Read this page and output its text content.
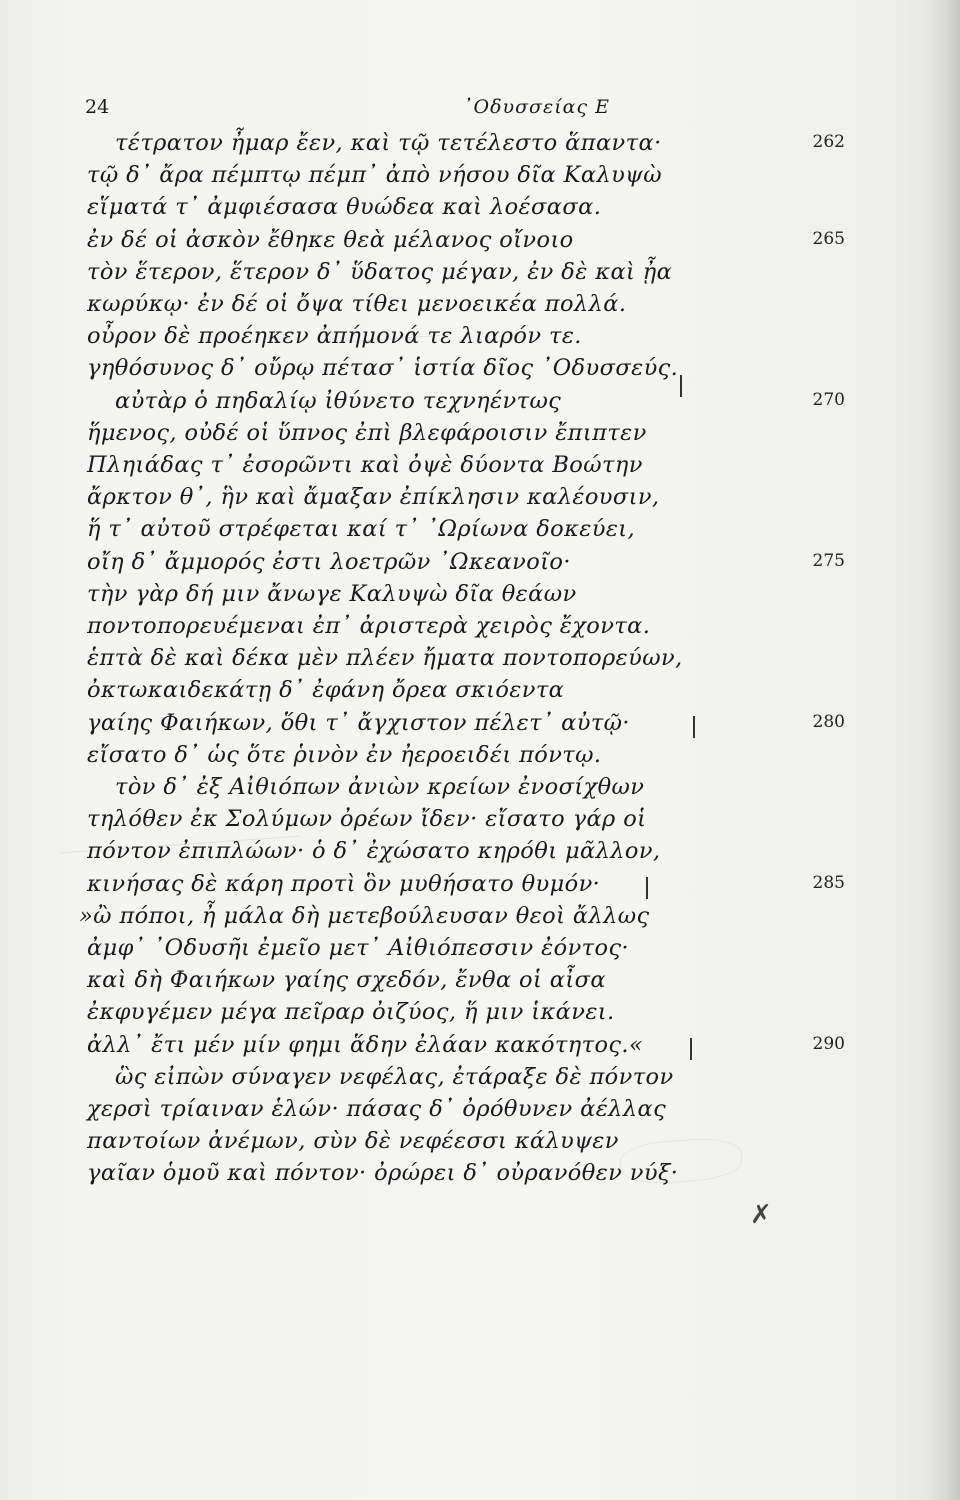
24	᾽Οδυσσείας Ε
τέτρατον ἦμαρ ἔεν, καὶ τῷ τετέλεστο ἅπαντα·	262
τῷ δ᾽ ἄρα πέμπτῳ πέμπ᾽ ἀπὸ νήσου δῖα Καλυψὼ
εἵματά τ᾽ ἀμφιέσασα θυώδεα καὶ λοέσασα.
ἐν δέ οἱ ἀσκὸν ἔθηκε θεὰ μέλανος οἴνοιο	265
τὸν ἕτερον, ἕτερον δ᾽ ὕδατος μέγαν, ἐν δὲ καὶ ᾖα
κωρύκῳ· ἐν δέ οἱ ὄψα τίθει μενοεικέα πολλά.
οὖρον δὲ προέηκεν ἀπήμονά τε λιαρόν τε.
γηθόσυνος δ᾽ οὔρῳ πέτασ᾽ ἱστία δῖος ᾽Οδυσσεύς.
αὐτὰρ ὁ πηδαλίῳ ἰθύνετο τεχνηέντως	270
ἥμενος, οὐδέ οἱ ὕπνος ἐπὶ βλεφάροισιν ἔπιπτεν
Πληιάδας τ᾽ ἐσορῶντι καὶ ὀψὲ δύοντα Βοώτην
ἄρκτον θ᾽, ἣν καὶ ἄμαξαν ἐπίκλησιν καλέουσιν,
ἥ τ᾽ αὐτοῦ στρέφεται καί τ᾽ ᾽Ωρίωνα δοκεύει,
οἴη δ᾽ ἄμμορός ἐστι λοετρῶν ᾽Ωκεανοῖο·	275
τὴν γὰρ δή μιν ἄνωγε Καλυψὼ δῖα θεάων
ποντοπορευέμεναι ἐπ᾽ ἀριστερὰ χειρὸς ἔχοντα.
ἑπτὰ δὲ καὶ δέκα μὲν πλέεν ἤματα ποντοπορεύων,
ὀκτωκαιδεκάτῃ δ᾽ ἐφάνη ὄρεα σκιόεντα
γαίης Φαιήκων, ὅθι τ᾽ ἄγχιστον πέλετ᾽ αὐτῷ·	280
εἴσατο δ᾽ ὡς ὅτε ῥινὸν ἐν ἠεροειδέι πόντῳ.
τὸν δ᾽ ἐξ Αἰθιόπων ἀνιὼν κρείων ἐνοσίχθων
τηλόθεν ἐκ Σολύμων ὀρέων ἴδεν· εἴσατο γάρ οἱ
πόντον ἐπιπλώων· ὁ δ᾽ ἐχώσατο κηρόθι μᾶλλον,
κινήσας δὲ κάρη προτὶ ὃν μυθήσατο θυμόν·	285
»ὢ πόποι, ἦ μάλα δὴ μετεβούλευσαν θεοὶ ἄλλως
ἀμφ᾽ ᾽Οδυσῆι ἐμεῖο μετ᾽ Αἰθιόπεσσιν ἐόντος·
καὶ δὴ Φαιήκων γαίης σχεδόν, ἔνθα οἱ αἶσα
ἐκφυγέμεν μέγα πεῖραρ ὀιζύος, ἥ μιν ἱκάνει.
ἀλλ᾽ ἔτι μέν μίν φημι ἅδην ἐλάαν κακότητος.«	290
ὣς εἰπὼν σύναγεν νεφέλας, ἐτάραξε δὲ πόντον
χερσὶ τρίαιναν ἑλών· πάσας δ᾽ ὀρόθυνεν ἀέλλας
παντοίων ἀνέμων, σὺν δὲ νεφέεσσι κάλυψεν
γαῖαν ὁμοῦ καὶ πόντον· ὀρώρει δ᾽ οὐρανόθεν νύξ·
✗
